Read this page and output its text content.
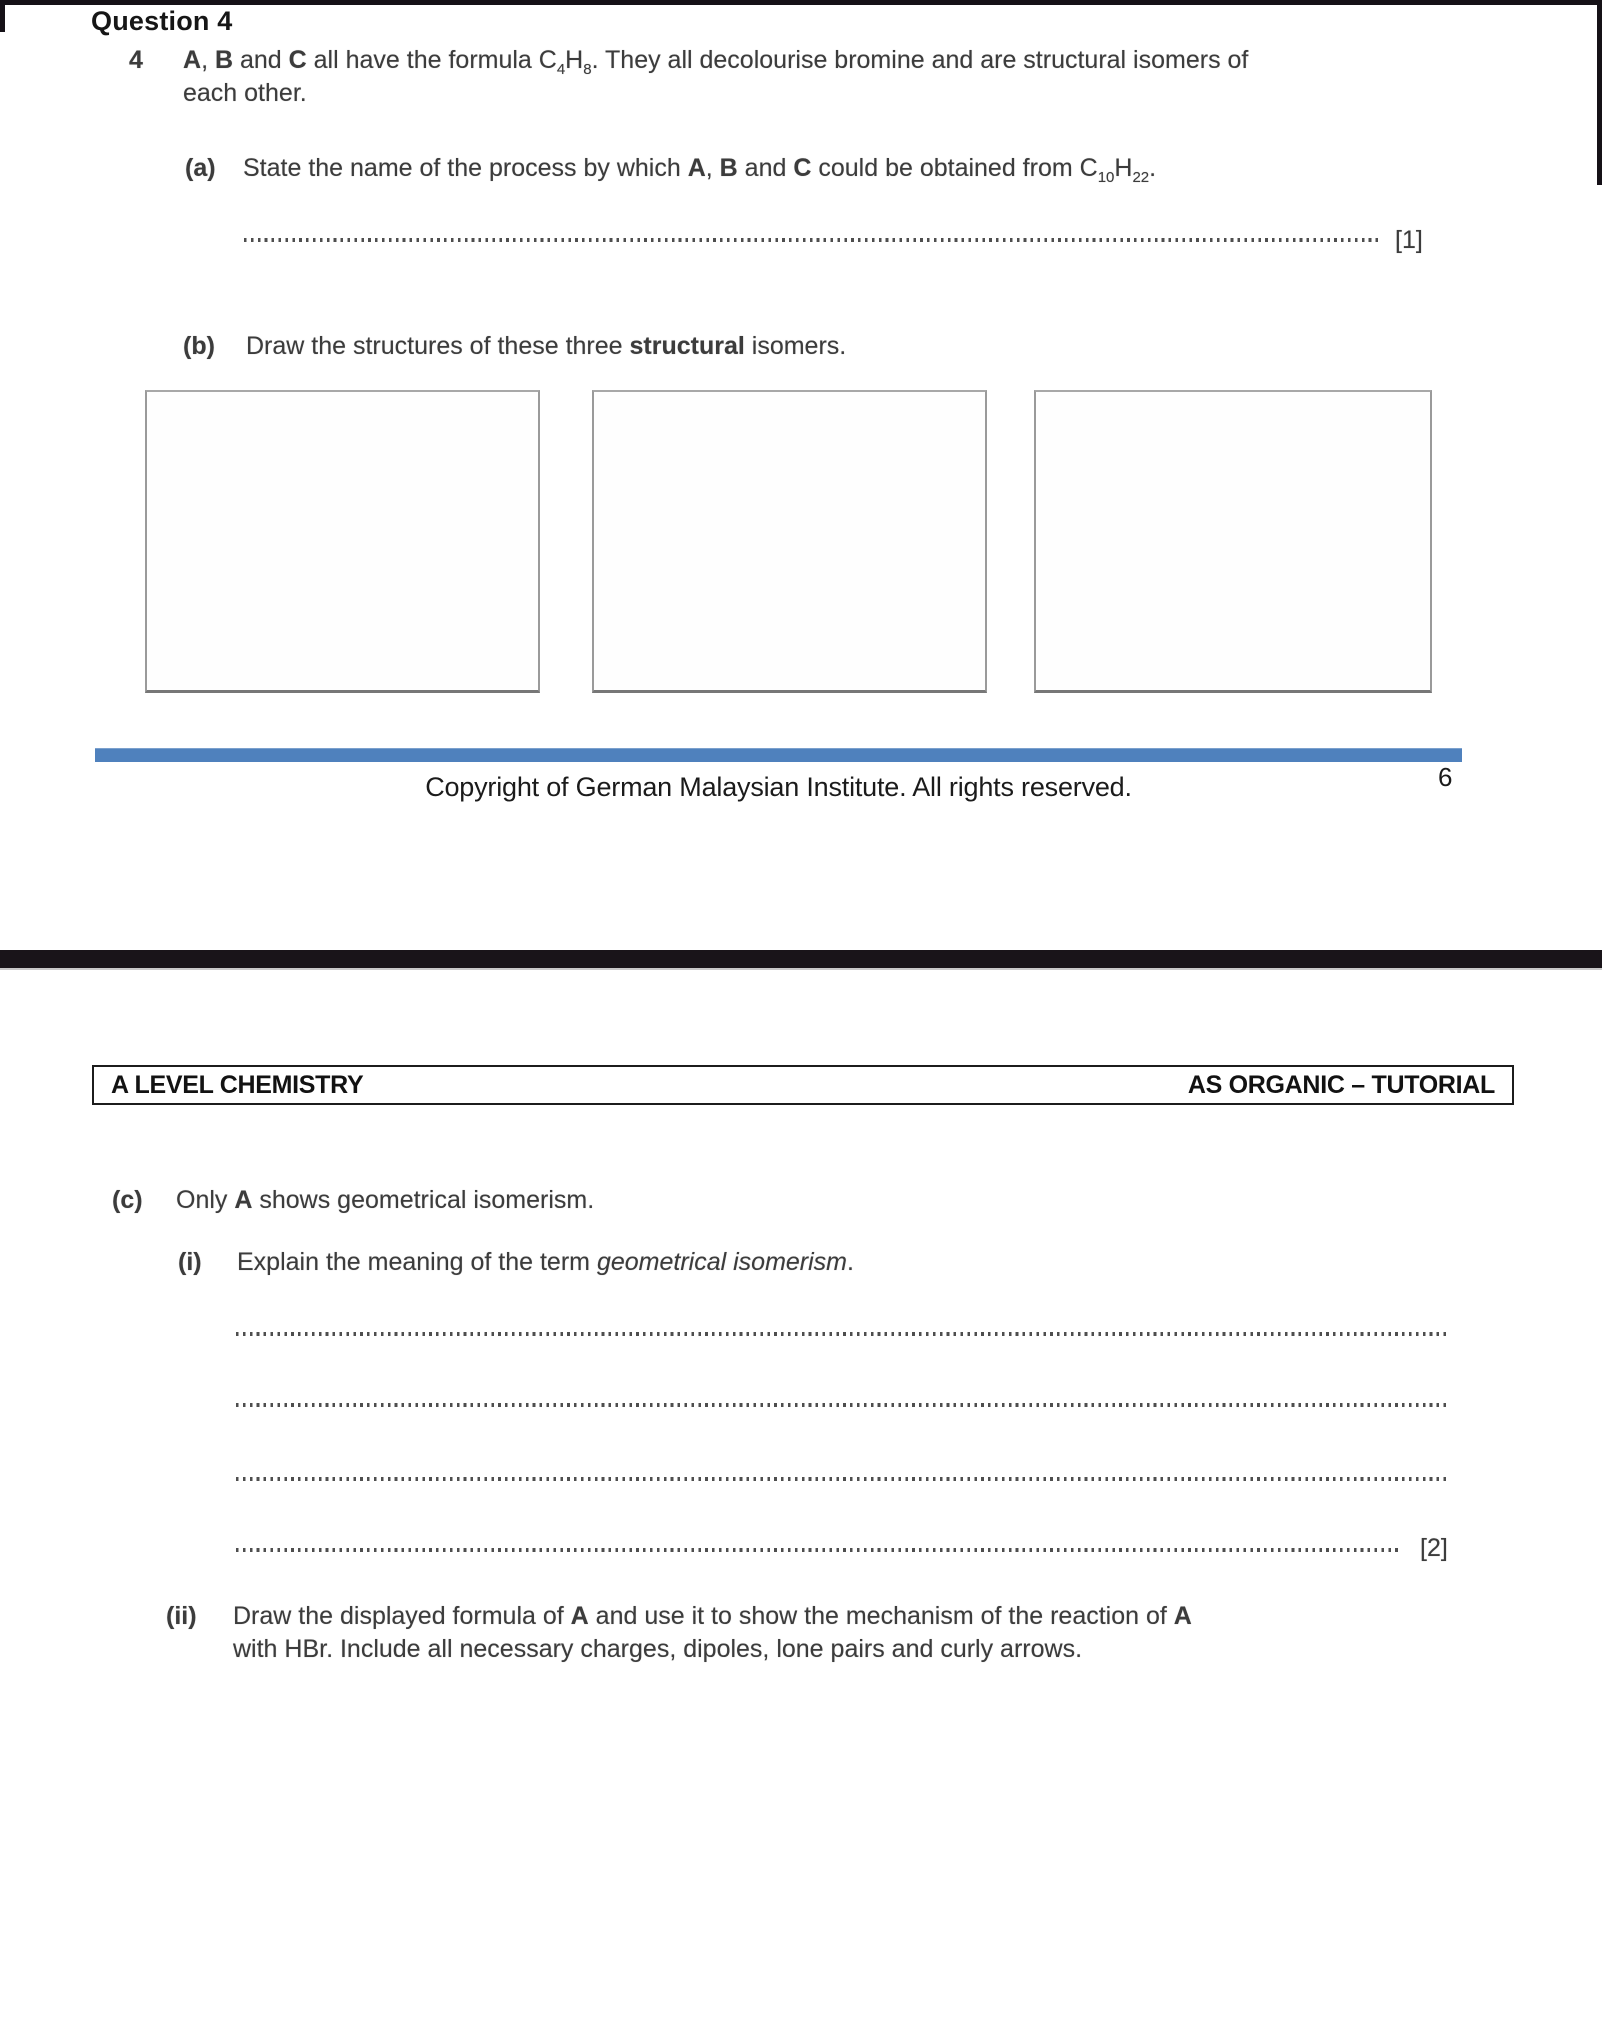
Question 4
4 A, B and C all have the formula $C_4H_8$. They all decolourise bromine and are structural isomers of
each other.
(a) State the name of the process by which A, B and C could be obtained from $C_{10}H_{22}$.
[1]
(b) Draw the structures of these three structural isomers.
Copyright of German Malaysian Institute. All rights reserved.	6
A LEVEL CHEMISTRY	AS ORGANIC – TUTORIAL
(c) Only A shows geometrical isomerism.
(i) Explain the meaning of the term geometrical isomerism.
[2]
(ii) Draw the displayed formula of A and use it to show the mechanism of the reaction of A
with HBr. Include all necessary charges, dipoles, lone pairs and curly arrows.
